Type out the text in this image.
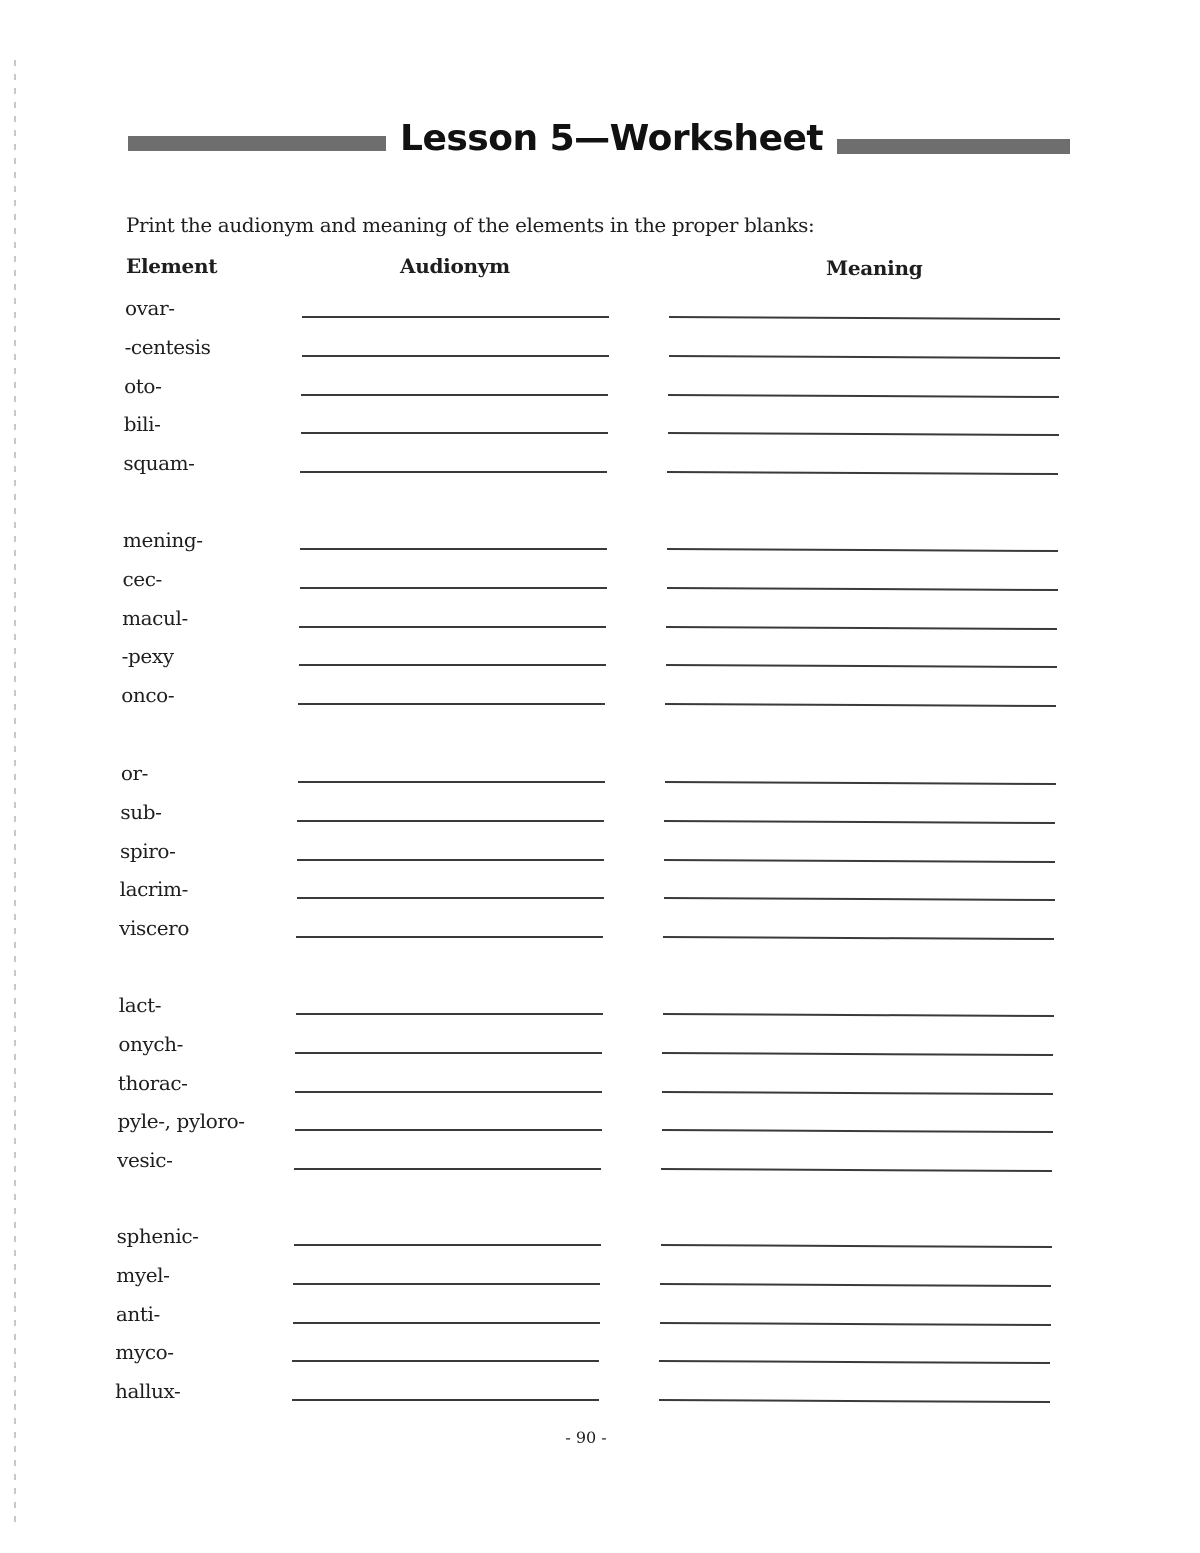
Lesson 5—Worksheet
Print the audionym and meaning of the elements in the proper blanks:
Element	Audionym	Meaning
ovar-
-centesis
oto-
bili-
squam-
mening-
cec-
macul-
-pexy
onco-
or-
sub-
spiro-
lacrim-
viscero
lact-
onych-
thorac-
pyle-, pyloro-
vesic-
sphenic-
myel-
anti-
myco-
hallux-
- 90 -
